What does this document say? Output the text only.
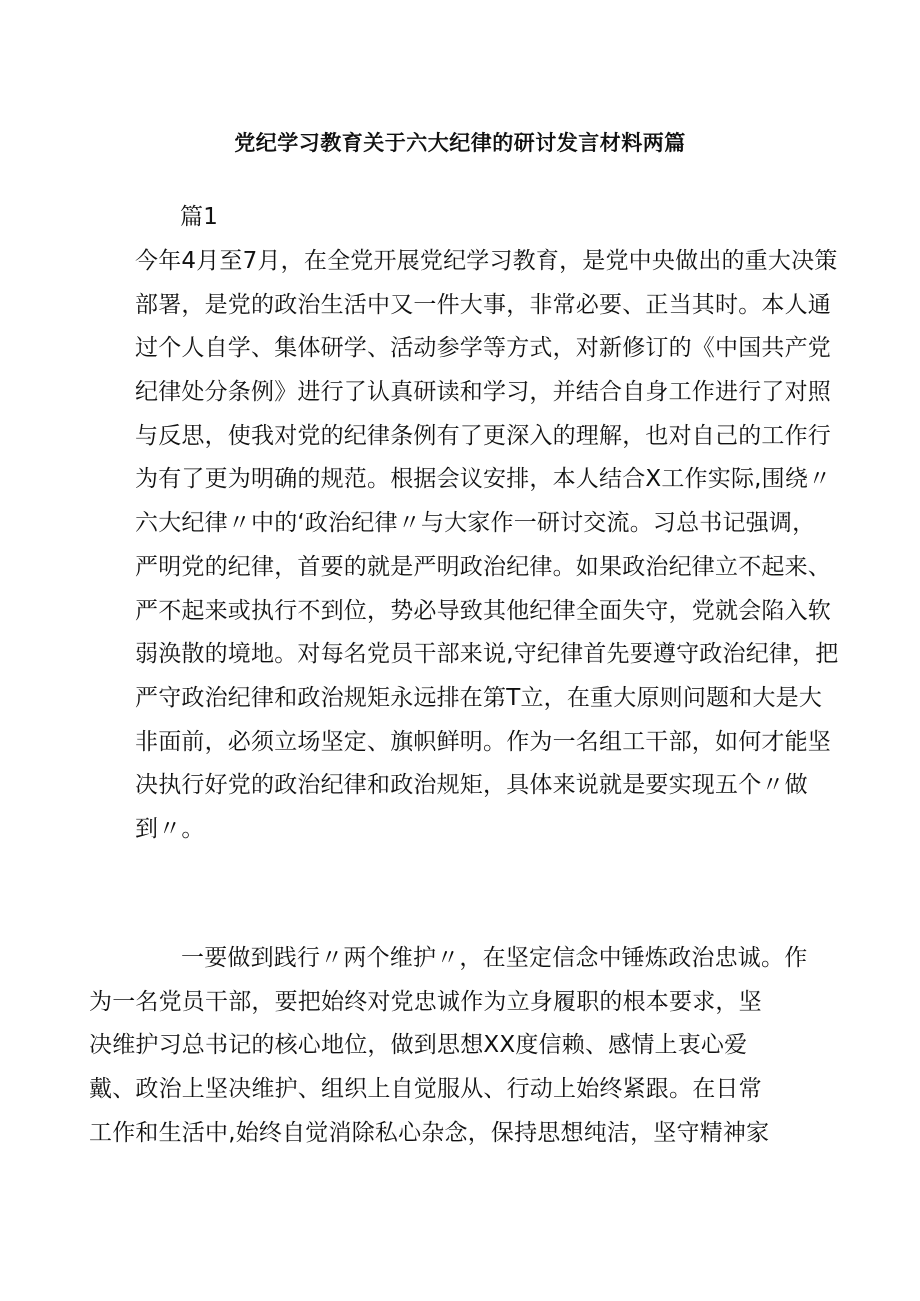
党纪学习教育关于六大纪律的研讨发言材料两篇
篇1
今年4月至7月，在全党开展党纪学习教育，是党中央做出的重大决策
部署，是党的政治生活中又一件大事，非常必要、正当其时。本人通
过个人自学、集体研学、活动参学等方式，对新修订的《中国共产党
纪律处分条例》进行了认真研读和学习，并结合自身工作进行了对照
与反思，使我对党的纪律条例有了更深入的理解，也对自己的工作行
为有了更为明确的规范。根据会议安排，本人结合X工作实际,围绕〃
六大纪律〃中的‘政治纪律〃与大家作一研讨交流。习总书记强调，
严明党的纪律，首要的就是严明政治纪律。如果政治纪律立不起来、
严不起来或执行不到位，势必导致其他纪律全面失守，党就会陷入软
弱涣散的境地。对每名党员干部来说,守纪律首先要遵守政治纪律，把
严守政治纪律和政治规矩永远排在第T立，在重大原则问题和大是大
非面前，必须立场坚定、旗帜鲜明。作为一名组工干部，如何才能坚
决执行好党的政治纪律和政治规矩，具体来说就是要实现五个〃做
到〃。
一要做到践行〃两个维护〃，在坚定信念中锤炼政治忠诚。作
为一名党员干部，要把始终对党忠诚作为立身履职的根本要求，坚
决维护习总书记的核心地位，做到思想XX度信赖、感情上衷心爱
戴、政治上坚决维护、组织上自觉服从、行动上始终紧跟。在日常
工作和生活中,始终自觉消除私心杂念，保持思想纯洁，坚守精神家
